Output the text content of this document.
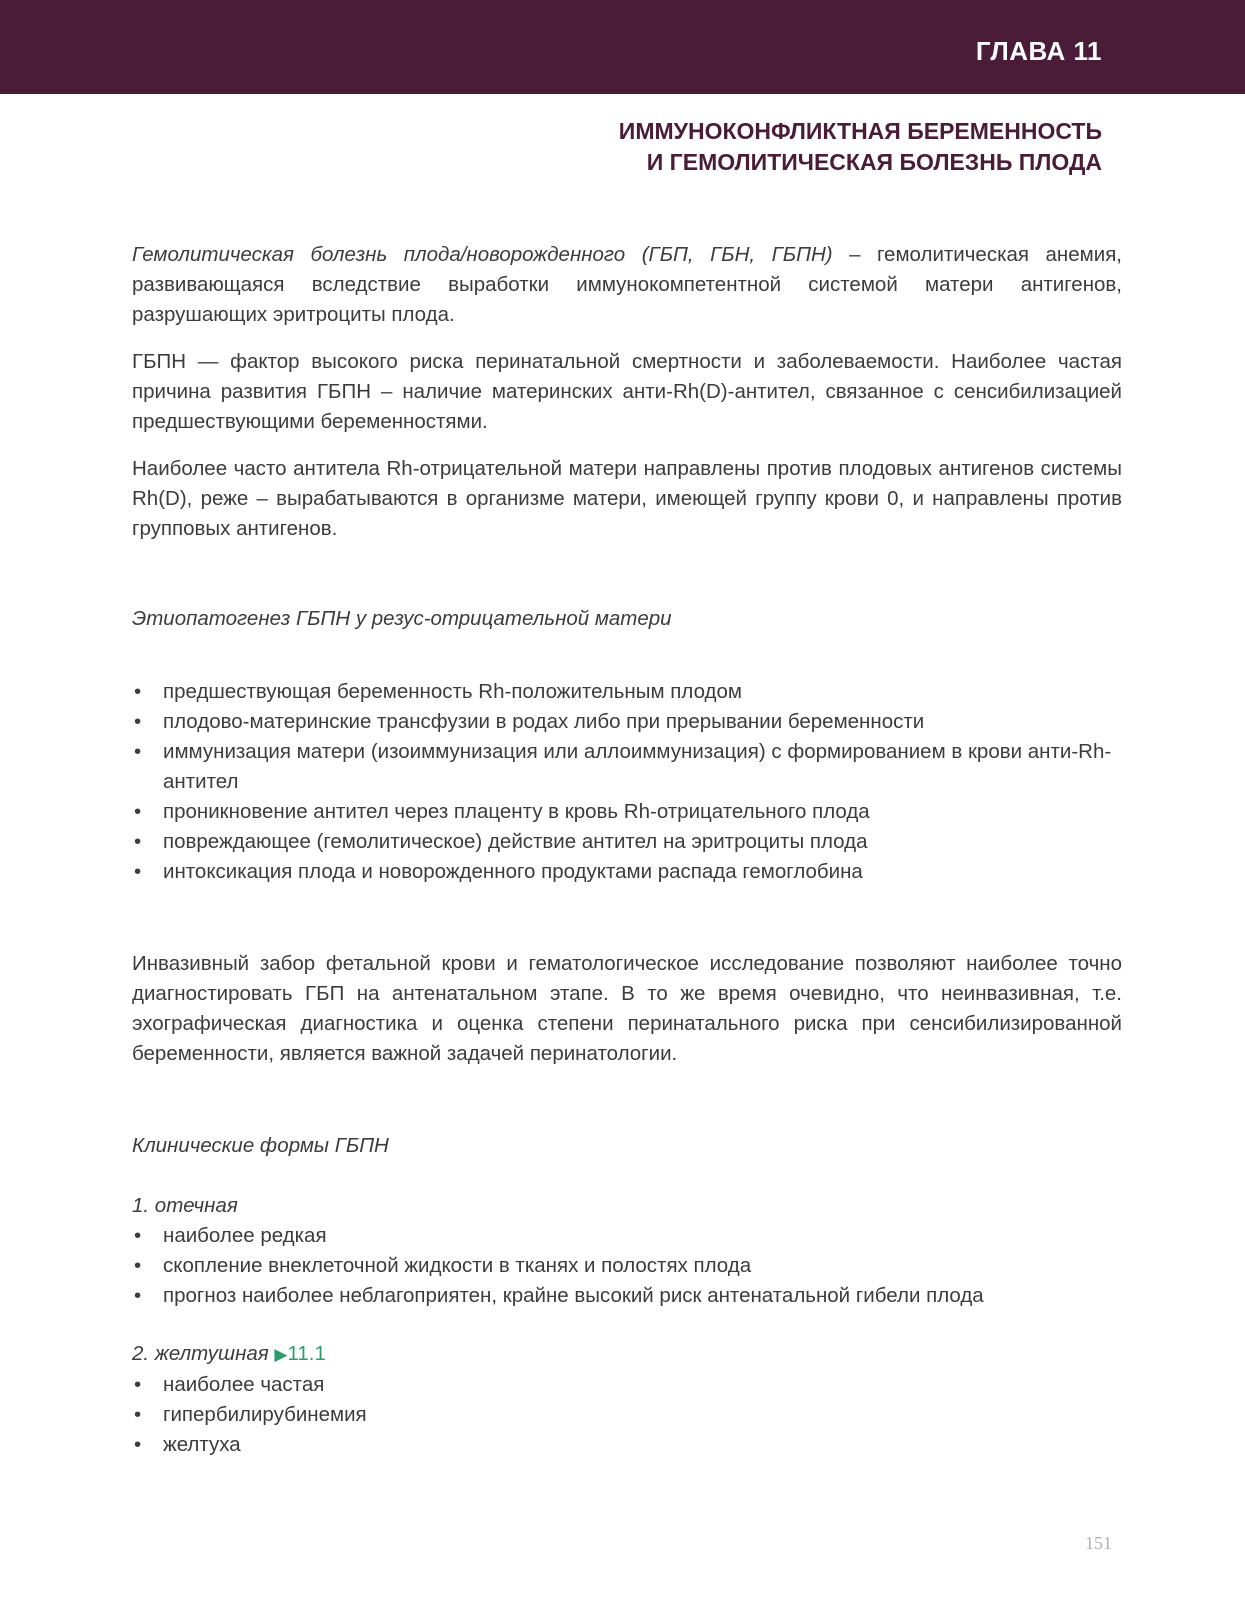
ГЛАВА 11
ИММУНОКОНФЛИКТНАЯ БЕРЕМЕННОСТЬ
И ГЕМОЛИТИЧЕСКАЯ БОЛЕЗНЬ ПЛОДА

Гемолитическая болезнь плода/новорожденного (ГБП, ГБН, ГБПН) – гемолитическая анемия, развивающаяся вследствие выработки иммунокомпетентной системой матери антигенов, разрушающих эритроциты плода.

ГБПН — фактор высокого риска перинатальной смертности и заболеваемости. Наиболее частая причина развития ГБПН – наличие материнских анти-Rh(D)-антител, связанное с сенсибилизацией предшествующими беременностями.

Наиболее часто антитела Rh-отрицательной матери направлены против плодовых антигенов системы Rh(D), реже – вырабатываются в организме матери, имеющей группу крови 0, и направлены против групповых антигенов.

Этиопатогенез ГБПН у резус-отрицательной матери

• предшествующая беременность Rh-положительным плодом
• плодово-материнские трансфузии в родах либо при прерывании беременности
• иммунизация матери (изоиммунизация или аллоиммунизация) с формированием в крови анти-Rh-антител
• проникновение антител через плаценту в кровь Rh-отрицательного плода
• повреждающее (гемолитическое) действие антител на эритроциты плода
• интоксикация плода и новорожденного продуктами распада гемоглобина

Инвазивный забор фетальной крови и гематологическое исследование позволяют наиболее точно диагностировать ГБП на антенатальном этапе. В то же время очевидно, что неинвазивная, т.е. эхографическая диагностика и оценка степени перинатального риска при сенсибилизированной беременности, является важной задачей перинатологии.

Клинические формы ГБПН

1. отечная

• наиболее редкая
• скопление внеклеточной жидкости в тканях и полостях плода
• прогноз наиболее неблагоприятен, крайне высокий риск антенатальной гибели плода

2. желтушная ▶11.1

• наиболее частая
• гипербилирубинемия
• желтуха
151
